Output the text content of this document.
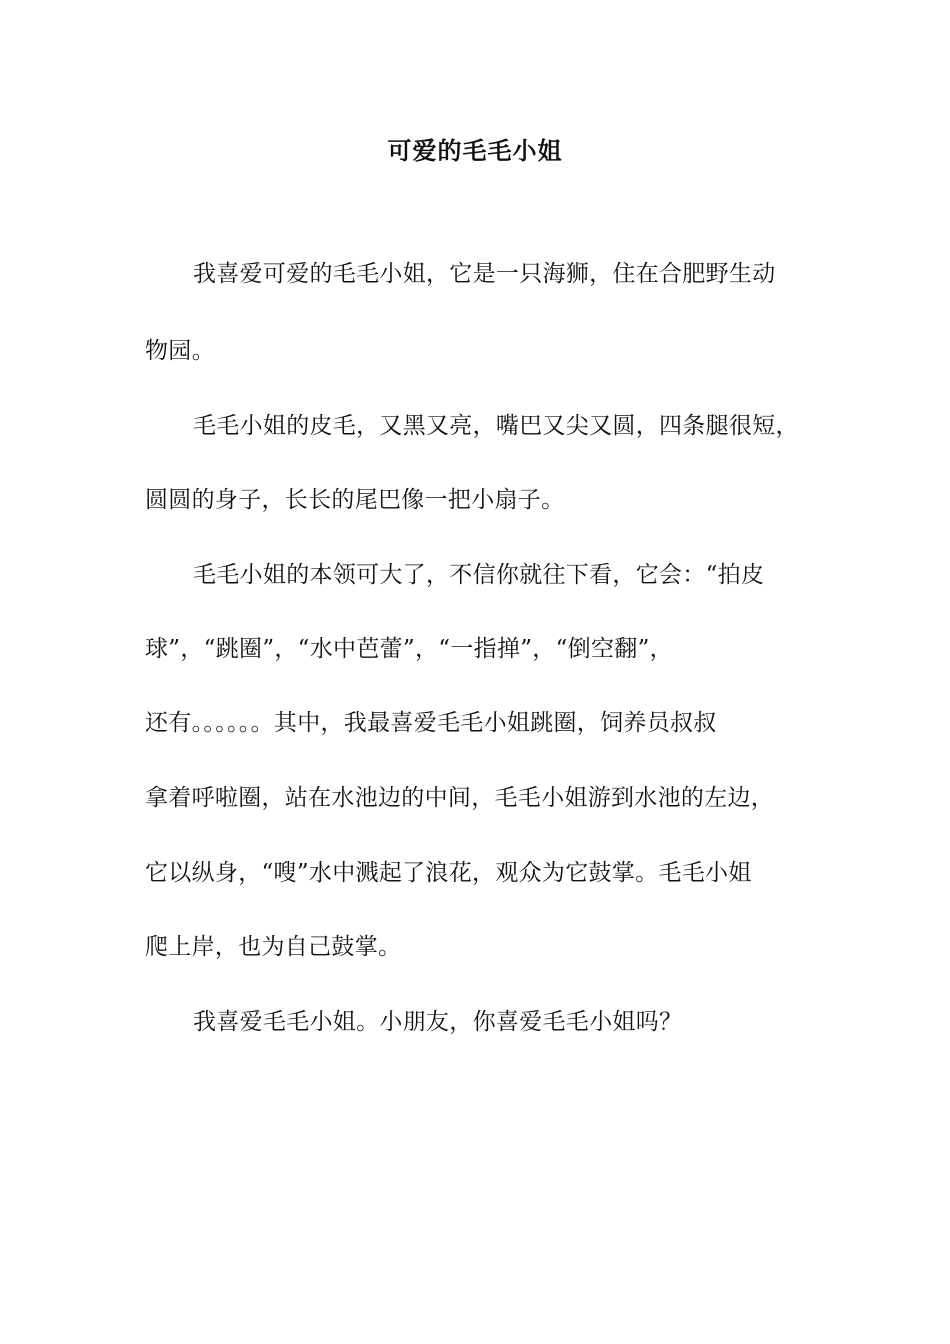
可爱的毛毛小姐
我喜爱可爱的毛毛小姐，它是一只海狮，住在合肥野生动
物园。
毛毛小姐的皮毛，又黑又亮，嘴巴又尖又圆，四条腿很短，
圆圆的身子，长长的尾巴像一把小扇子。
毛毛小姐的本领可大了，不信你就往下看，它会：“拍皮
球”，“跳圈”，“水中芭蕾”，“一指掸”，“倒空翻”，
还有。。。。。。其中，我最喜爱毛毛小姐跳圈，饲养员叔叔
拿着呼啦圈，站在水池边的中间，毛毛小姐游到水池的左边，
它以纵身，“嗖”水中溅起了浪花，观众为它鼓掌。毛毛小姐
爬上岸，也为自己鼓掌。
我喜爱毛毛小姐。小朋友，你喜爱毛毛小姐吗？
